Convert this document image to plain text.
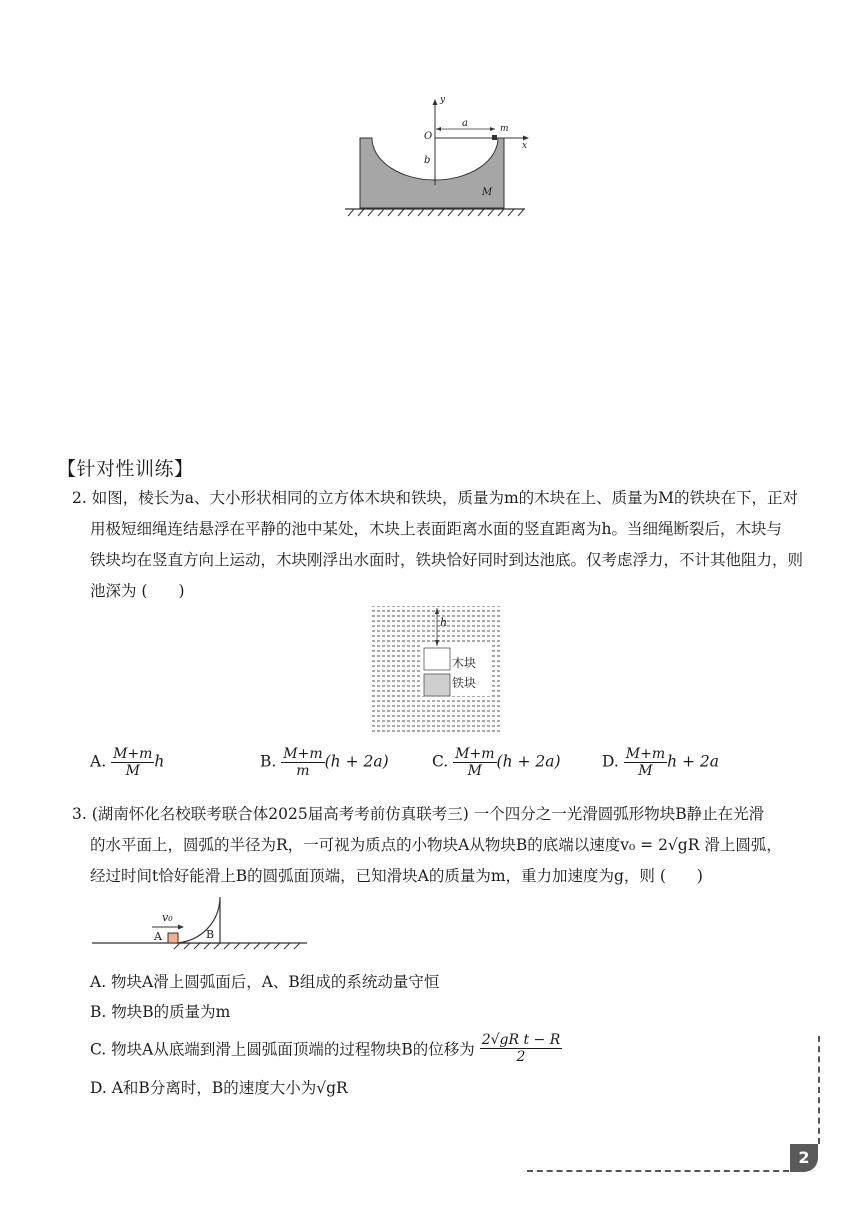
y
x
O
a	m
b
M
【针对性训练】
2. 如图，棱长为a、大小形状相同的立方体木块和铁块，质量为m的木块在上、质量为M的铁块在下，正对
用极短细绳连结悬浮在平静的池中某处，木块上表面距离水面的竖直距离为h。当细绳断裂后，木块与
铁块均在竖直方向上运动，木块刚浮出水面时，铁块恰好同时到达池底。仅考虑浮力，不计其他阻力，则
池深为 (　　)
h
木块
铁块
A. $\frac{M+m}{M}$ h	B. $\frac{M+m}{m} (h + 2a)$	C. $\frac{M+m}{M} (h + 2a)$	D. $\frac{M+m}{M}$ h + 2a
3. (湖南怀化名校联考联合体2025届高考考前仿真联考三) 一个四分之一光滑圆弧形物块B静止在光滑
的水平面上，圆弧的半径为R，一可视为质点的小物块A从物块B的底端以速度v₀ = 2√gR 滑上圆弧，
经过时间t恰好能滑上B的圆弧面顶端，已知滑块A的质量为m，重力加速度为g，则 (　　)
v₀
A	B
A. 物块A滑上圆弧面后，A、B组成的系统动量守恒
B. 物块B的质量为m
C. 物块A从底端到滑上圆弧面顶端的过程物块B的位移为 $\frac{\text{2√gR t − R}}{2}$
D. A和B分离时，B的速度大小为√gR
2
